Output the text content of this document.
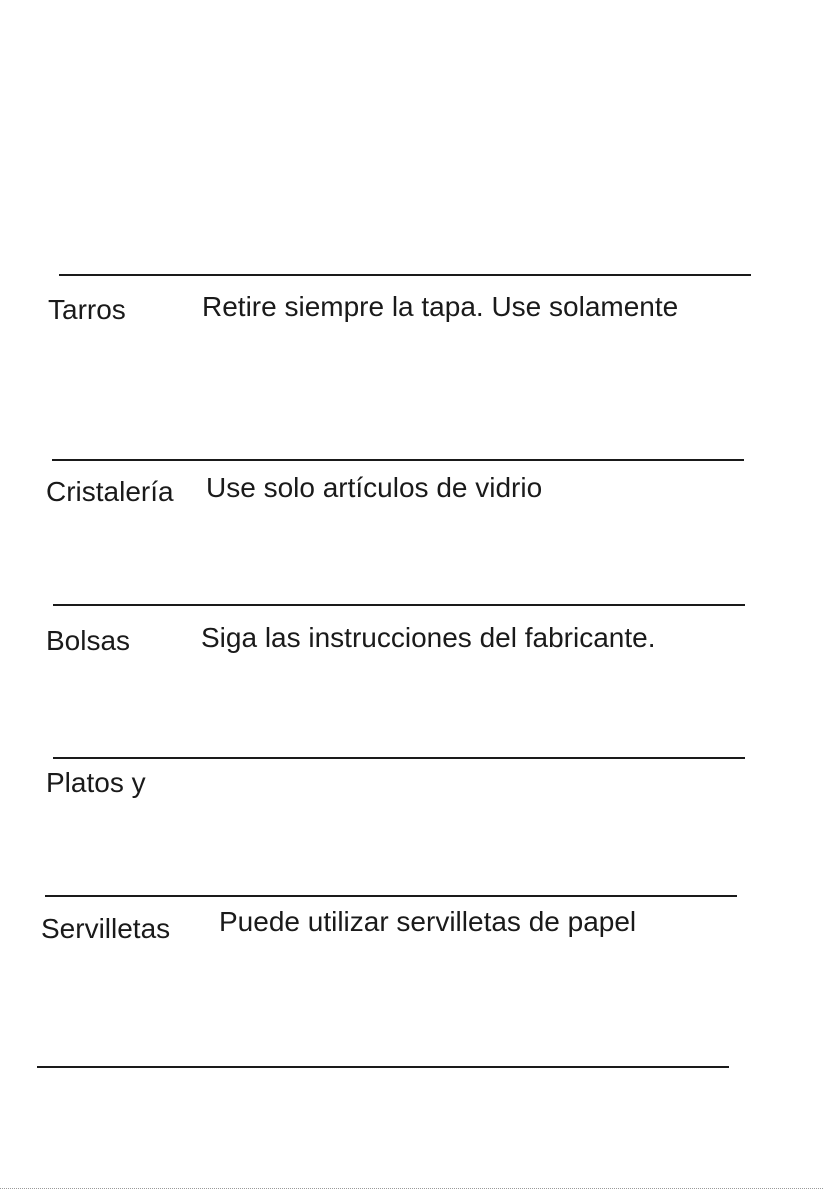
Tarros	Retire siempre la tapa. Use solamente
Cristalería Use solo artículos de vidrio
Bolsas	Siga las instrucciones del fabricante.
Platos y
Servilletas Puede utilizar servilletas de papel
